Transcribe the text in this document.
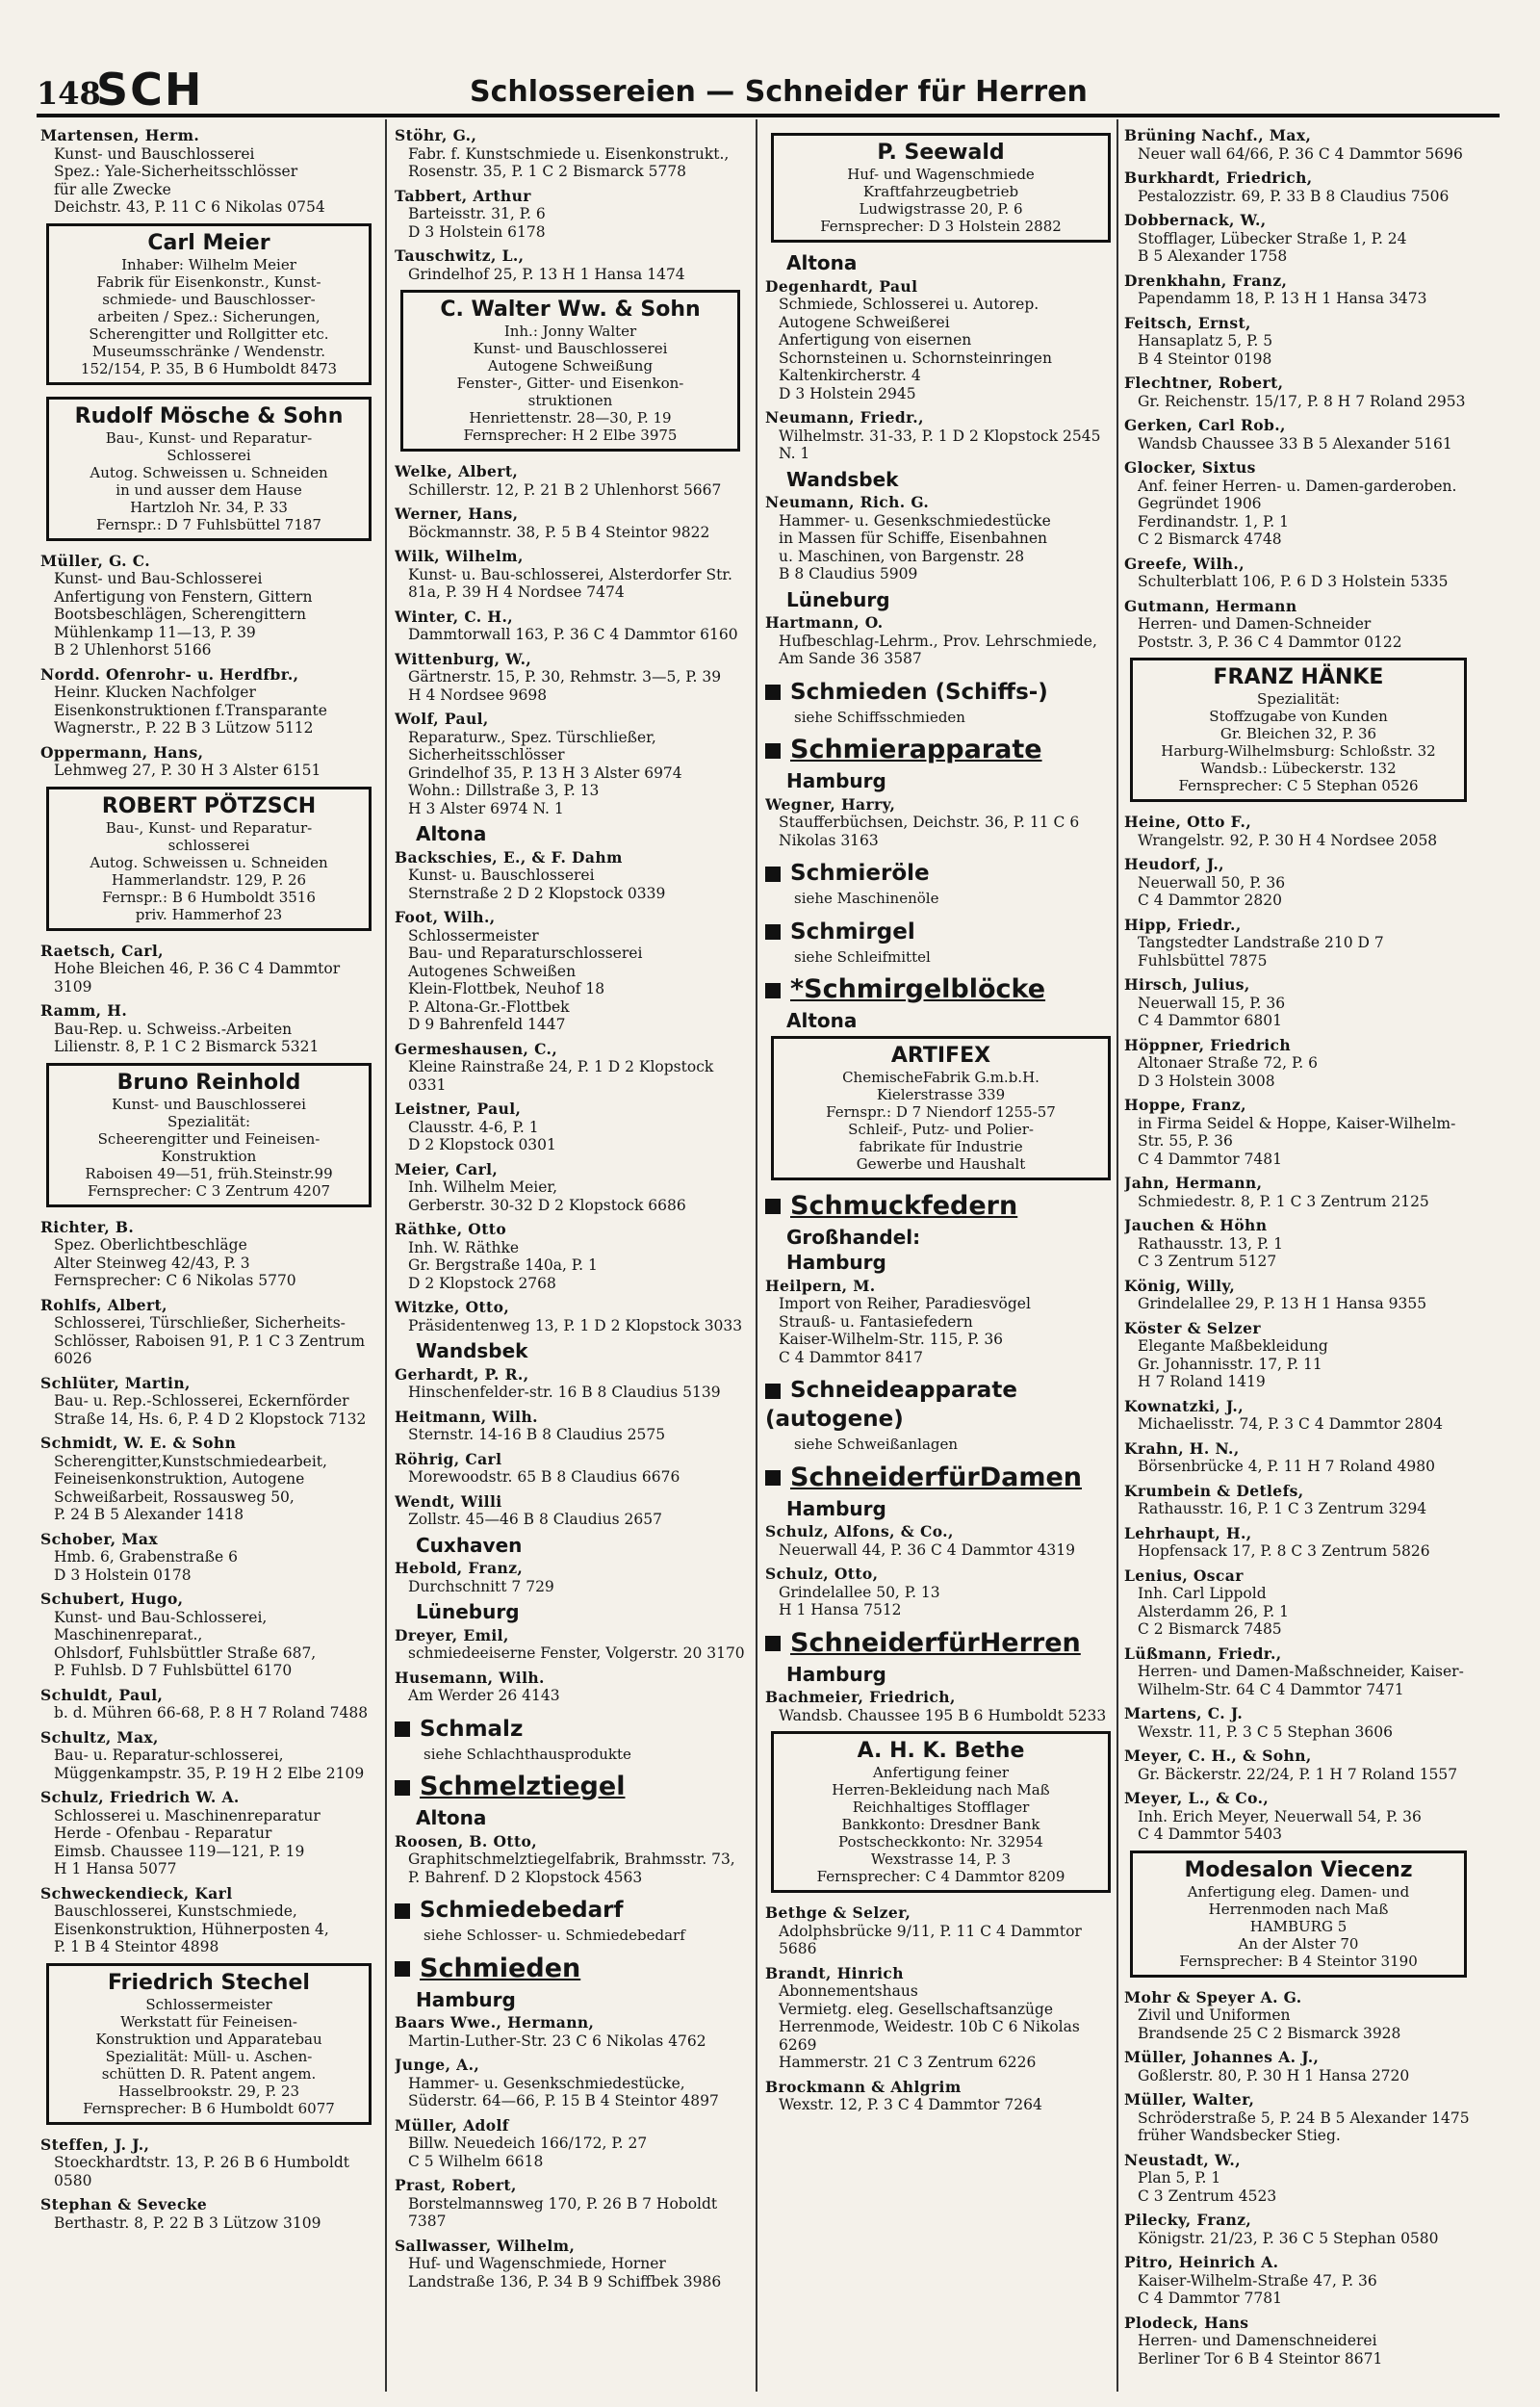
148
SCH	Schlossereien — Schneider für Herren
Martensen, Herm.
Kunst- und Bauschlosserei
Spez.: Yale-Sicherheitsschlösser
für alle Zwecke
Deichstr. 43, P. 11 C 6 Nikolas 0754
Carl Meier
Inhaber: Wilhelm Meier
Fabrik für Eisenkonstr., Kunst-
schmiede- und Bauschlosser-
arbeiten / Spez.: Sicherungen,
Scherengitter und Rollgitter etc.
Museumsschränke / Wendenstr.
152/154, P. 35, B 6 Humboldt 8473
Rudolf Mösche & Sohn
Bau-, Kunst- und Reparatur-
Schlosserei
Autog. Schweissen u. Schneiden
in und ausser dem Hause
Hartzloh Nr. 34, P. 33
Fernspr.: D 7 Fuhlsbüttel 7187
Müller, G. C.
Kunst- und Bau-Schlosserei
Anfertigung von Fenstern, Gittern
Bootsbeschlägen, Scherengittern
Mühlenkamp 11—13, P. 39
B 2 Uhlenhorst 5166
Nordd. Ofenrohr- u. Herdfbr.,
Heinr. Klucken Nachfolger
Eisenkonstruktionen f.Transparante
Wagnerstr., P. 22 B 3 Lützow 5112
Oppermann, Hans,
Lehmweg 27, P. 30 H 3 Alster 6151
ROBERT PÖTZSCH
Bau-, Kunst- und Reparatur-
schlosserei
Autog. Schweissen u. Schneiden
Hammerlandstr. 129, P. 26
Fernspr.: B 6 Humboldt 3516
priv. Hammerhof 23
Raetsch, Carl,
Hohe Bleichen 46, P. 36 C 4 Dammtor 3109
Ramm, H.
Bau-Rep. u. Schweiss.-Arbeiten
Lilienstr. 8, P. 1 C 2 Bismarck 5321
Bruno Reinhold
Kunst- und Bauschlosserei
Spezialität:
Scheerengitter und Feineisen-
Konstruktion
Raboisen 49—51, früh.Steinstr.99
Fernsprecher: C 3 Zentrum 4207
Richter, B.
Spez. Oberlichtbeschläge
Alter Steinweg 42/43, P. 3
Fernsprecher: C 6 Nikolas 5770
Rohlfs, Albert,
Schlosserei, Türschließer, Sicherheits-Schlösser, Raboisen 91, P. 1 C 3 Zentrum 6026
Schlüter, Martin,
Bau- u. Rep.-Schlosserei, Eckernförder Straße 14, Hs. 6, P. 4 D 2 Klopstock 7132
Schmidt, W. E. & Sohn
Scherengitter,Kunstschmiedearbeit,
Feineisenkonstruktion, Autogene
Schweißarbeit, Rossausweg 50,
P. 24 B 5 Alexander 1418
Schober, Max
Hmb. 6, Grabenstraße 6
D 3 Holstein 0178
Schubert, Hugo,
Kunst- und Bau-Schlosserei, Maschinenreparat.,
Ohlsdorf, Fuhlsbüttler Straße 687,
P. Fuhlsb. D 7 Fuhlsbüttel 6170
Schuldt, Paul,
b. d. Mühren 66-68, P. 8 H 7 Roland 7488
Schultz, Max,
Bau- u. Reparatur-schlosserei, Müggenkampstr. 35, P. 19 H 2 Elbe 2109
Schulz, Friedrich W. A.
Schlosserei u. Maschinenreparatur
Herde - Ofenbau - Reparatur
Eimsb. Chaussee 119—121, P. 19
H 1 Hansa 5077
Schweckendieck, Karl
Bauschlosserei, Kunstschmiede,
Eisenkonstruktion, Hühnerposten 4,
P. 1 B 4 Steintor 4898
Friedrich Stechel
Schlossermeister
Werkstatt für Feineisen-
Konstruktion und Apparatebau
Spezialität: Müll- u. Aschen-
schütten D. R. Patent angem.
Hasselbrookstr. 29, P. 23
Fernsprecher: B 6 Humboldt 6077
Steffen, J. J.,
Stoeckhardtstr. 13, P. 26 B 6 Humboldt 0580
Stephan & Sevecke
Berthastr. 8, P. 22 B 3 Lützow 3109
Stöhr, G.,
Fabr. f. Kunstschmiede u. Eisenkonstrukt., Rosenstr. 35, P. 1 C 2 Bismarck 5778
Tabbert, Arthur
Barteisstr. 31, P. 6
D 3 Holstein 6178
Tauschwitz, L.,
Grindelhof 25, P. 13 H 1 Hansa 1474
C. Walter Ww. & Sohn
Inh.: Jonny Walter
Kunst- und Bauschlosserei
Autogene Schweißung
Fenster-, Gitter- und Eisenkon-
struktionen
Henriettenstr. 28—30, P. 19
Fernsprecher: H 2 Elbe 3975
Welke, Albert,
Schillerstr. 12, P. 21 B 2 Uhlenhorst 5667
Werner, Hans,
Böckmannstr. 38, P. 5 B 4 Steintor 9822
Wilk, Wilhelm,
Kunst- u. Bau-schlosserei, Alsterdorfer Str. 81a, P. 39 H 4 Nordsee 7474
Winter, C. H.,
Dammtorwall 163, P. 36 C 4 Dammtor 6160
Wittenburg, W.,
Gärtnerstr. 15, P. 30, Rehmstr. 3—5, P. 39
H 4 Nordsee 9698
Wolf, Paul,
Reparaturw., Spez. Türschließer, Sicherheitsschlösser
Grindelhof 35, P. 13 H 3 Alster 6974
Wohn.: Dillstraße 3, P. 13
H 3 Alster 6974 N. 1
Altona
Backschies, E., & F. Dahm
Kunst- u. Bauschlosserei
Sternstraße 2 D 2 Klopstock 0339
Foot, Wilh.,
Schlossermeister
Bau- und Reparaturschlosserei
Autogenes Schweißen
Klein-Flottbek, Neuhof 18
P. Altona-Gr.-Flottbek
D 9 Bahrenfeld 1447
Germeshausen, C.,
Kleine Rainstraße 24, P. 1 D 2 Klopstock 0331
Leistner, Paul,
Clausstr. 4-6, P. 1
D 2 Klopstock 0301
Meier, Carl,
Inh. Wilhelm Meier,
Gerberstr. 30-32 D 2 Klopstock 6686
Räthke, Otto
Inh. W. Räthke
Gr. Bergstraße 140a, P. 1
D 2 Klopstock 2768
Witzke, Otto,
Präsidentenweg 13, P. 1 D 2 Klopstock 3033
Wandsbek
Gerhardt, P. R.,
Hinschenfelder-str. 16 B 8 Claudius 5139
Heitmann, Wilh.
Sternstr. 14-16 B 8 Claudius 2575
Röhrig, Carl
Morewoodstr. 65 B 8 Claudius 6676
Wendt, Willi
Zollstr. 45—46 B 8 Claudius 2657
Cuxhaven
Hebold, Franz,
Durchschnitt 7 729
Lüneburg
Dreyer, Emil,
schmiedeeiserne Fenster, Volgerstr. 20 3170
Husemann, Wilh.
Am Werder 26 4143
Schmalz
siehe Schlachthausprodukte
Schmelztiegel
Altona
Roosen, B. Otto,
Graphitschmelztiegelfabrik, Brahmsstr. 73, P. Bahrenf. D 2 Klopstock 4563
Schmiedebedarf
siehe Schlosser- u. Schmiedebedarf
Schmieden
Hamburg
Baars Wwe., Hermann,
Martin-Luther-Str. 23 C 6 Nikolas 4762
Junge, A.,
Hammer- u. Gesenkschmiedestücke, Süderstr. 64—66, P. 15 B 4 Steintor 4897
Müller, Adolf
Billw. Neuedeich 166/172, P. 27
C 5 Wilhelm 6618
Prast, Robert,
Borstelmannsweg 170, P. 26 B 7 Hoboldt 7387
Sallwasser, Wilhelm,
Huf- und Wagenschmiede, Horner Landstraße 136, P. 34 B 9 Schiffbek 3986
P. Seewald
Huf- und Wagenschmiede
Kraftfahrzeugbetrieb
Ludwigstrasse 20, P. 6
Fernsprecher: D 3 Holstein 2882
Altona
Degenhardt, Paul
Schmiede, Schlosserei u. Autorep.
Autogene Schweißerei
Anfertigung von eisernen
Schornsteinen u. Schornsteinringen
Kaltenkircherstr. 4
D 3 Holstein 2945
Neumann, Friedr.,
Wilhelmstr. 31-33, P. 1 D 2 Klopstock 2545 N. 1
Wandsbek
Neumann, Rich. G.
Hammer- u. Gesenkschmiedestücke
in Massen für Schiffe, Eisenbahnen
u. Maschinen, von Bargenstr. 28
B 8 Claudius 5909
Lüneburg
Hartmann, O.
Hufbeschlag-Lehrm., Prov. Lehrschmiede, Am Sande 36 3587
Schmieden (Schiffs-)
siehe Schiffsschmieden
Schmierapparate
Hamburg
Wegner, Harry,
Staufferbüchsen, Deichstr. 36, P. 11 C 6 Nikolas 3163
Schmieröle
siehe Maschinenöle
Schmirgel
siehe Schleifmittel
*Schmirgelblöcke
Altona
ARTIFEX
ChemischeFabrik G.m.b.H.
Kielerstrasse 339
Fernspr.: D 7 Niendorf 1255-57
Schleif-, Putz- und Polier-
fabrikate für Industrie
Gewerbe und Haushalt
Schmuckfedern
Großhandel:
Hamburg
Heilpern, M.
Import von Reiher, Paradiesvögel
Strauß- u. Fantasiefedern
Kaiser-Wilhelm-Str. 115, P. 36
C 4 Dammtor 8417
Schneideapparate (autogene)
siehe Schweißanlagen
SchneiderfürDamen
Hamburg
Schulz, Alfons, & Co.,
Neuerwall 44, P. 36 C 4 Dammtor 4319
Schulz, Otto,
Grindelallee 50, P. 13
H 1 Hansa 7512
SchneiderfürHerren
Hamburg
Bachmeier, Friedrich,
Wandsb. Chaussee 195 B 6 Humboldt 5233
A. H. K. Bethe
Anfertigung feiner
Herren-Bekleidung nach Maß
Reichhaltiges Stofflager
Bankkonto: Dresdner Bank
Postscheckkonto: Nr. 32954
Wexstrasse 14, P. 3
Fernsprecher: C 4 Dammtor 8209
Bethge & Selzer,
Adolphsbrücke 9/11, P. 11 C 4 Dammtor 5686
Brandt, Hinrich
Abonnementshaus
Vermietg. eleg. Gesellschaftsanzüge
Herrenmode, Weidestr. 10b C 6 Nikolas 6269
Hammerstr. 21 C 3 Zentrum 6226
Brockmann & Ahlgrim
Wexstr. 12, P. 3 C 4 Dammtor 7264
Brüning Nachf., Max,
Neuer wall 64/66, P. 36 C 4 Dammtor 5696
Burkhardt, Friedrich,
Pestalozzistr. 69, P. 33 B 8 Claudius 7506
Dobbernack, W.,
Stofflager, Lübecker Straße 1, P. 24
B 5 Alexander 1758
Drenkhahn, Franz,
Papendamm 18, P. 13 H 1 Hansa 3473
Feitsch, Ernst,
Hansaplatz 5, P. 5
B 4 Steintor 0198
Flechtner, Robert,
Gr. Reichenstr. 15/17, P. 8 H 7 Roland 2953
Gerken, Carl Rob.,
Wandsb Chaussee 33 B 5 Alexander 5161
Glocker, Sixtus
Anf. feiner Herren- u. Damen-garderoben. Gegründet 1906
Ferdinandstr. 1, P. 1
C 2 Bismarck 4748
Greefe, Wilh.,
Schulterblatt 106, P. 6 D 3 Holstein 5335
Gutmann, Hermann
Herren- und Damen-Schneider
Poststr. 3, P. 36 C 4 Dammtor 0122
FRANZ HÄNKE
Spezialität:
Stoffzugabe von Kunden
Gr. Bleichen 32, P. 36
Harburg-Wilhelmsburg: Schloßstr. 32
Wandsb.: Lübeckerstr. 132
Fernsprecher: C 5 Stephan 0526
Heine, Otto F.,
Wrangelstr. 92, P. 30 H 4 Nordsee 2058
Heudorf, J.,
Neuerwall 50, P. 36
C 4 Dammtor 2820
Hipp, Friedr.,
Tangstedter Landstraße 210 D 7 Fuhlsbüttel 7875
Hirsch, Julius,
Neuerwall 15, P. 36
C 4 Dammtor 6801
Höppner, Friedrich
Altonaer Straße 72, P. 6
D 3 Holstein 3008
Hoppe, Franz,
in Firma Seidel & Hoppe, Kaiser-Wilhelm-Str. 55, P. 36
C 4 Dammtor 7481
Jahn, Hermann,
Schmiedestr. 8, P. 1 C 3 Zentrum 2125
Jauchen & Höhn
Rathausstr. 13, P. 1
C 3 Zentrum 5127
König, Willy,
Grindelallee 29, P. 13 H 1 Hansa 9355
Köster & Selzer
Elegante Maßbekleidung
Gr. Johannisstr. 17, P. 11
H 7 Roland 1419
Kownatzki, J.,
Michaelisstr. 74, P. 3 C 4 Dammtor 2804
Krahn, H. N.,
Börsenbrücke 4, P. 11 H 7 Roland 4980
Krumbein & Detlefs,
Rathausstr. 16, P. 1 C 3 Zentrum 3294
Lehrhaupt, H.,
Hopfensack 17, P. 8 C 3 Zentrum 5826
Lenius, Oscar
Inh. Carl Lippold
Alsterdamm 26, P. 1
C 2 Bismarck 7485
Lüßmann, Friedr.,
Herren- und Damen-Maßschneider, Kaiser-Wilhelm-Str. 64 C 4 Dammtor 7471
Martens, C. J.
Wexstr. 11, P. 3 C 5 Stephan 3606
Meyer, C. H., & Sohn,
Gr. Bäckerstr. 22/24, P. 1 H 7 Roland 1557
Meyer, L., & Co.,
Inh. Erich Meyer, Neuerwall 54, P. 36
C 4 Dammtor 5403
Modesalon Viecenz
Anfertigung eleg. Damen- und
Herrenmoden nach Maß
HAMBURG 5
An der Alster 70
Fernsprecher: B 4 Steintor 3190
Mohr & Speyer A. G.
Zivil und Uniformen
Brandsende 25 C 2 Bismarck 3928
Müller, Johannes A. J.,
Goßlerstr. 80, P. 30 H 1 Hansa 2720
Müller, Walter,
Schröderstraße 5, P. 24 B 5 Alexander 1475
früher Wandsbecker Stieg.
Neustadt, W.,
Plan 5, P. 1
C 3 Zentrum 4523
Pilecky, Franz,
Königstr. 21/23, P. 36 C 5 Stephan 0580
Pitro, Heinrich A.
Kaiser-Wilhelm-Straße 47, P. 36
C 4 Dammtor 7781
Plodeck, Hans
Herren- und Damenschneiderei
Berliner Tor 6 B 4 Steintor 8671
